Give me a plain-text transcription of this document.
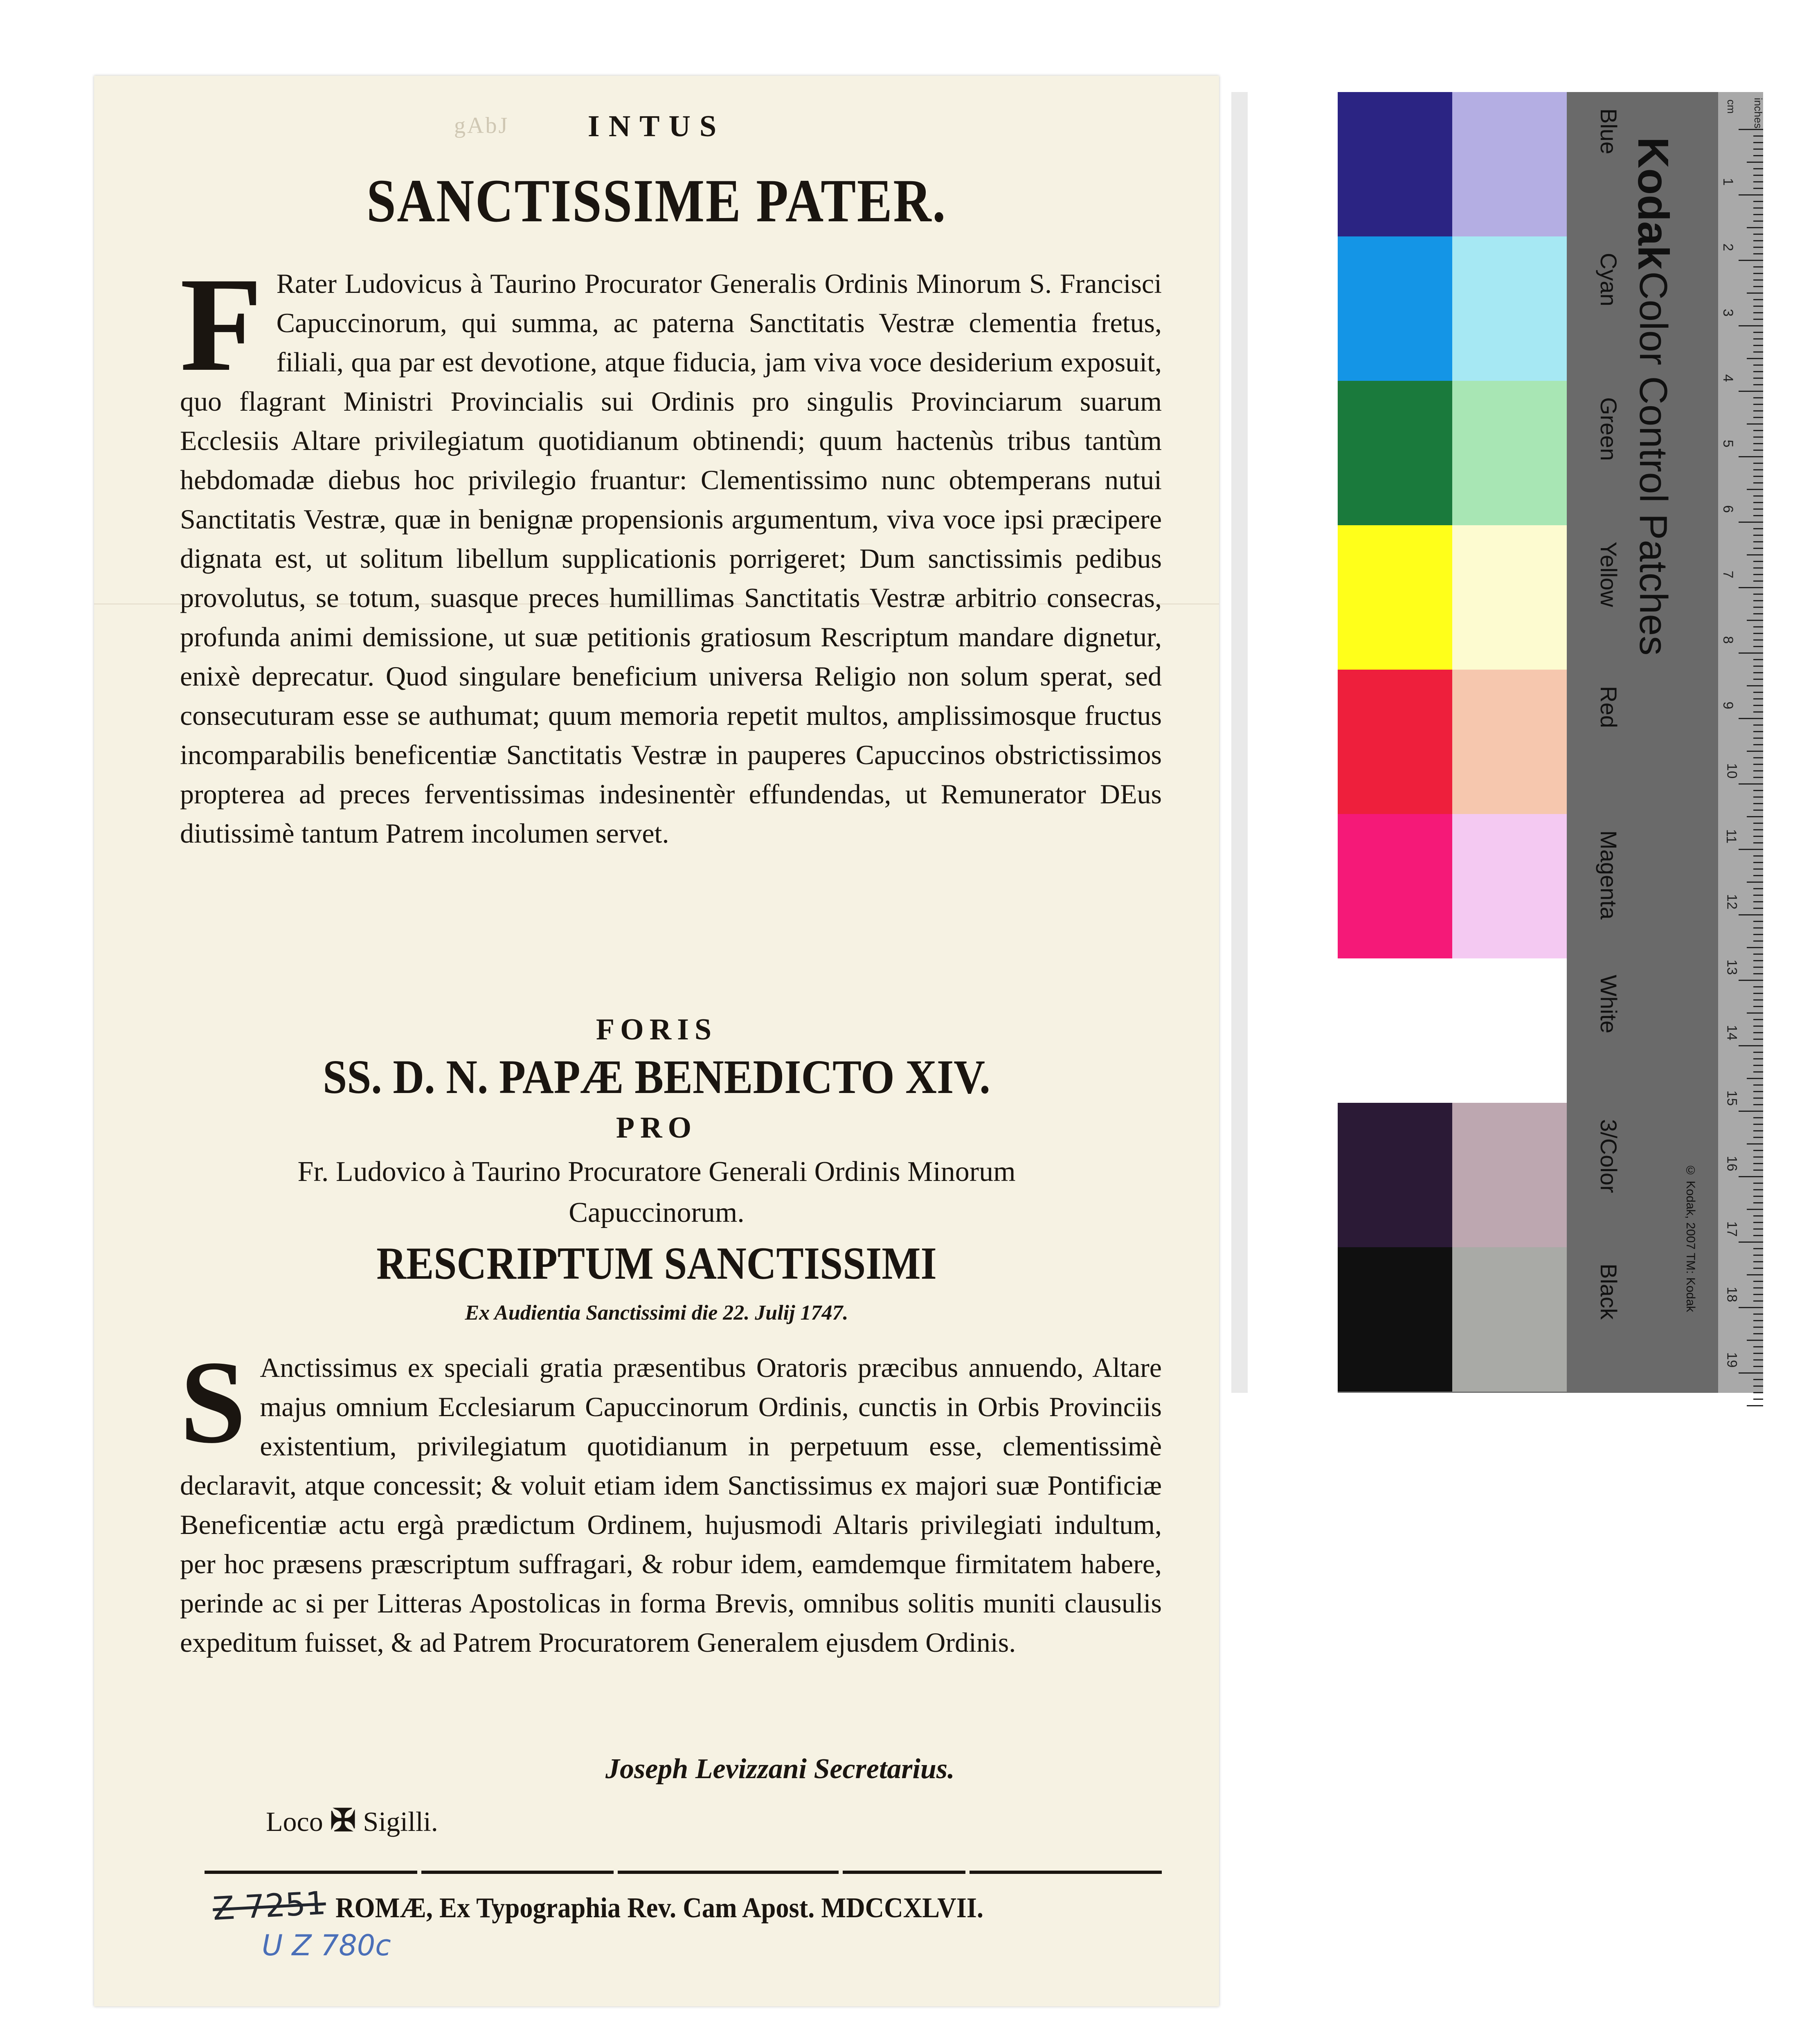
gAbJ	INTUS
SANCTISSIME PATER.
F Rater Ludovicus à Taurino Procurator Generalis Ordinis Minorum S. Francisci Capuccinorum, qui summa, ac paterna Sanctitatis Vestræ clementia fretus, filiali, qua par est devotione, atque fiducia, jam viva voce desiderium exposuit, quo flagrant Ministri Provincialis sui Ordinis pro singulis Provinciarum suarum Ecclesiis Altare privilegiatum quotidianum obtinendi; quum hactenùs tribus tantùm hebdomadæ diebus hoc privilegio fruantur: Clementissimo nunc obtemperans nutui Sanctitatis Vestræ, quæ in benignæ propensionis argumentum, viva voce ipsi præcipere dignata est, ut solitum libellum supplicationis porrigeret; Dum sanctissimis pedibus provolutus, se totum, suasque preces humillimas Sanctitatis Vestræ arbitrio consecras, profunda animi demissione, ut suæ petitionis gratiosum Rescriptum mandare dignetur, enixè deprecatur. Quod singulare beneficium universa Religio non solum sperat, sed consecuturam esse se authumat; quum memoria repetit multos, amplissimosque fructus incomparabilis beneficentiæ Sanctitatis Vestræ in pauperes Capuccinos obstrictissimos propterea ad preces ferventissimas indesinentèr effundendas, ut Remunerator DEus diutissimè tantum Patrem incolumen servet.
FORIS
SS. D. N. PAPÆ BENEDICTO XIV.
PRO
Fr. Ludovico à Taurino Procuratore Generali Ordinis Minorum
Capuccinorum.
RESCRIPTUM SANCTISSIMI
Ex Audientia Sanctissimi die 22. Julij 1747.
S Anctissimus ex speciali gratia præsentibus Oratoris præcibus annuendo, Altare majus omnium Ecclesiarum Capuccinorum Ordinis, cunctis in Orbis Provinciis existentium, privilegiatum quotidianum in perpetuum esse, clementissimè declaravit, atque concessit; & voluit etiam idem Sanctissimus ex majori suæ Pontificiæ Beneficentiæ actu ergà prædictum Ordinem, hujusmodi Altaris privilegiati indultum, per hoc præsens præscriptum suffragari, & robur idem, eamdemque firmitatem habere, perinde ac si per Litteras Apostolicas in forma Brevis, omnibus solitis muniti clausulis expeditum fuisset, & ad Patrem Procuratorem Generalem ejusdem Ordinis.
Joseph Levizzani Secretarius.
Loco ✠ Sigilli.
Z 7251 ROMÆ, Ex Typographia Rev. Cam Apost. MDCCXLVII.
U Z 780c
Blue
Cyan
Green
Yellow
Red
Magenta
White
3/Color
Black
Kodak Color Control Patches
© Kodak, 2007 TM: Kodak
cm inches
1
2
3
4
5
6
7
8
9
10
11
12
13
14
15
16
17
18
19
